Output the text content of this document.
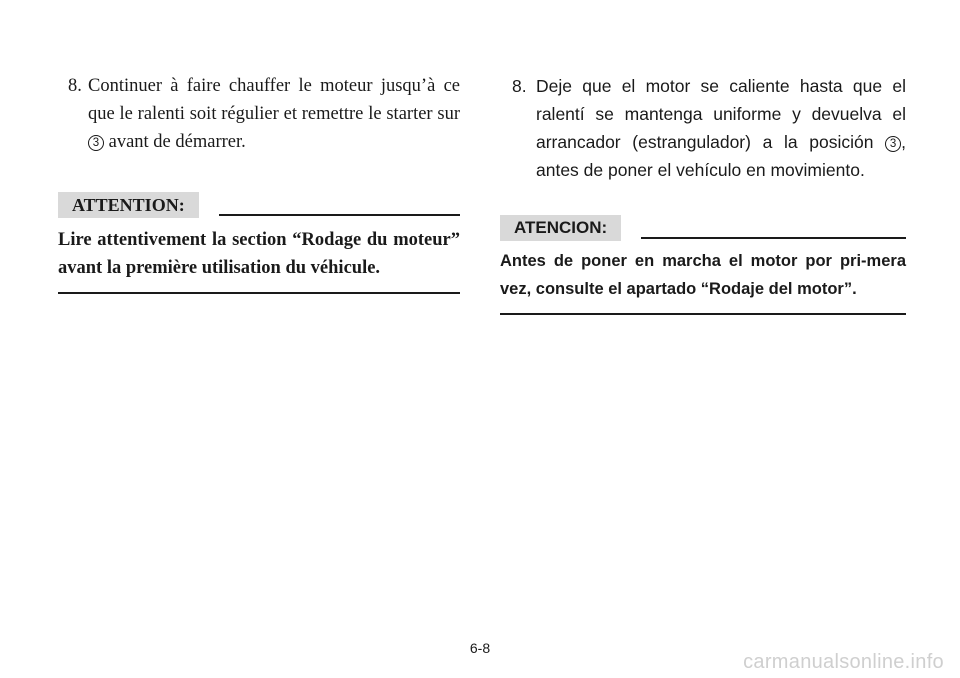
8. Continuer à faire chauffer le moteur jusqu’à ce que le ralenti soit régulier et remettre le starter sur 3 avant de démarrer.
ATTENTION:
Lire attentivement la section “Rodage du moteur” avant la première utilisation du véhicule.
8. Deje que el motor se caliente hasta que el ralentí se mantenga uniforme y devuelva el arrancador (estrangulador) a la posición 3 , antes de poner el vehículo en movimiento.
ATENCION:
Antes de poner en marcha el motor por pri-mera vez, consulte el apartado “Rodaje del motor”.
6-8
carmanualsonline.info
